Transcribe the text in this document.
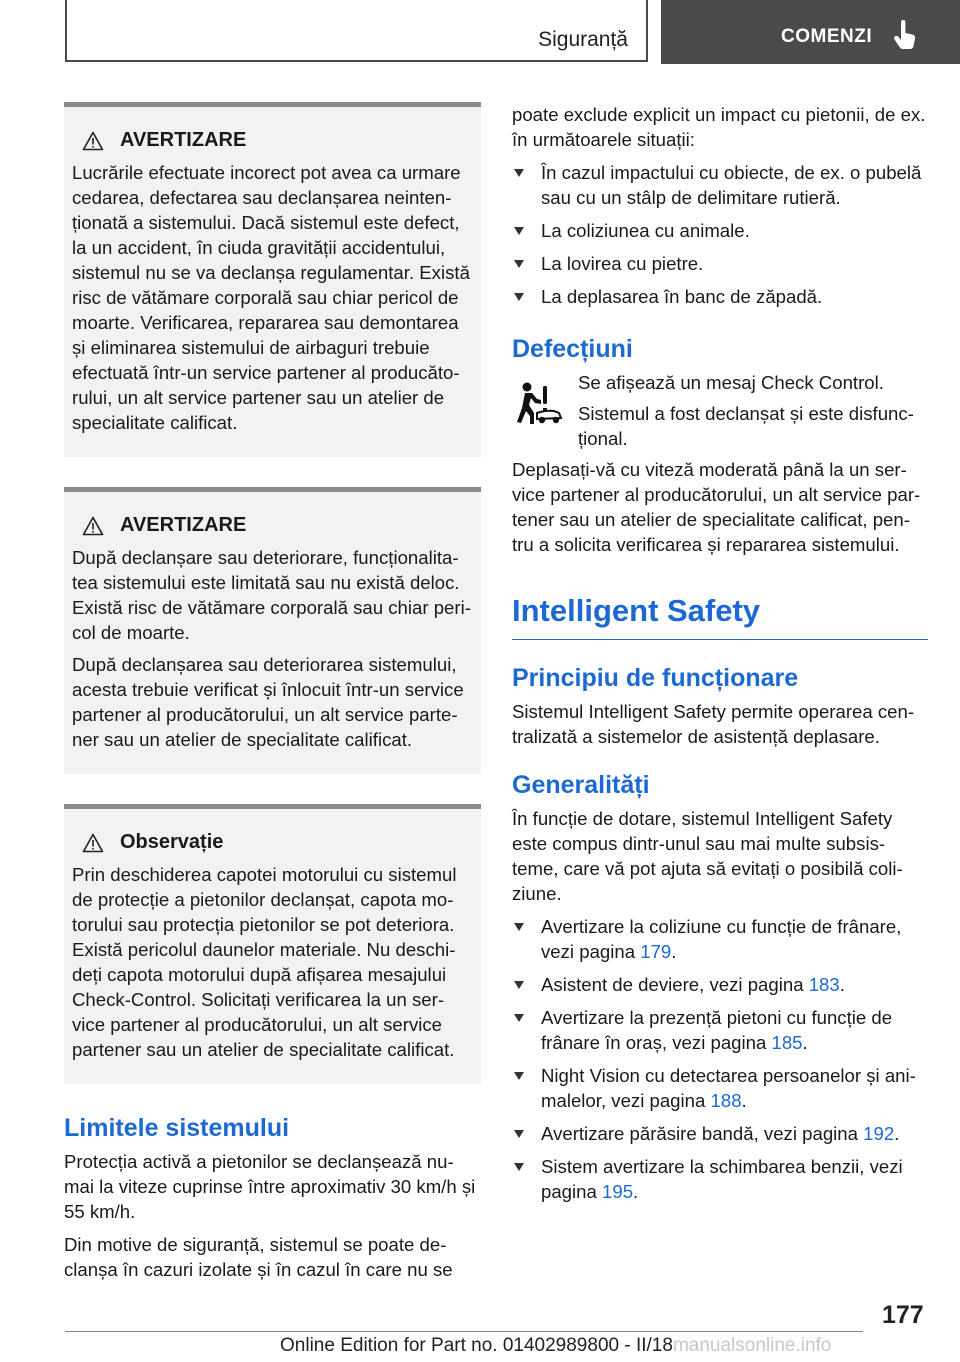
Siguranță	COMENZI
AVERTIZARE

Lucrările efectuate incorect pot avea ca urmare cedarea, defectarea sau declanșarea neinten-ționată a sistemului. Dacă sistemul este defect, la un accident, în ciuda gravității accidentului, sistemul nu se va declanșa regulamentar. Există risc de vătămare corporală sau chiar pericol de moarte. Verificarea, repararea sau demontarea și eliminarea sistemului de airbaguri trebuie efectuată într-un service partener al producăto-rului, un alt service partener sau un atelier de specialitate calificat.

AVERTIZARE

După declanșare sau deteriorare, funcționalita-tea sistemului este limitată sau nu există deloc. Există risc de vătămare corporală sau chiar peri-col de moarte.

După declanșarea sau deteriorarea sistemului, acesta trebuie verificat și înlocuit într-un service partener al producătorului, un alt service parte-ner sau un atelier de specialitate calificat.

Observație

Prin deschiderea capotei motorului cu sistemul de protecție a pietonilor declanșat, capota mo-torului sau protecția pietonilor se pot deteriora. Există pericolul daunelor materiale. Nu deschi-deți capota motorului după afișarea mesajului Check-Control. Solicitați verificarea la un ser-vice partener al producătorului, un alt service partener sau un atelier de specialitate calificat.

Limitele sistemului

Protecția activă a pietonilor se declanșează nu-mai la viteze cuprinse între aproximativ 30 km/h și 55 km/h.

Din motive de siguranță, sistemul se poate de-clanșa în cazuri izolate și în cazul în care nu se

poate exclude explicit un impact cu pietonii, de ex. în următoarele situații:

În cazul impactului cu obiecte, de ex. o pubelă sau cu un stâlp de delimitare rutieră.
La coliziunea cu animale.
La lovirea cu pietre.
La deplasarea în banc de zăpadă.
Defecțiuni

Se afișează un mesaj Check Control.

Sistemul a fost declanșat și este disfunc-țional.

Deplasați-vă cu viteză moderată până la un ser-vice partener al producătorului, un alt service par-tener sau un atelier de specialitate calificat, pen-tru a solicita verificarea și repararea sistemului.

Intelligent Safety
Principiu de funcționare

Sistemul Intelligent Safety permite operarea cen-tralizată a sistemelor de asistență deplasare.

Generalități

În funcție de dotare, sistemul Intelligent Safety este compus dintr-unul sau mai multe subsis-teme, care vă pot ajuta să evitați o posibilă coli-ziune.

Avertizare la coliziune cu funcție de frânare, vezi pagina 179.
Asistent de deviere, vezi pagina 183.
Avertizare la prezență pietoni cu funcție de frânare în oraș, vezi pagina 185.
Night Vision cu detectarea persoanelor și ani-malelor, vezi pagina 188.
Avertizare părăsire bandă, vezi pagina 192.
Sistem avertizare la schimbarea benzii, vezi pagina 195.
177
Online Edition for Part no. 01402989800 - II/18manualsonline.info
